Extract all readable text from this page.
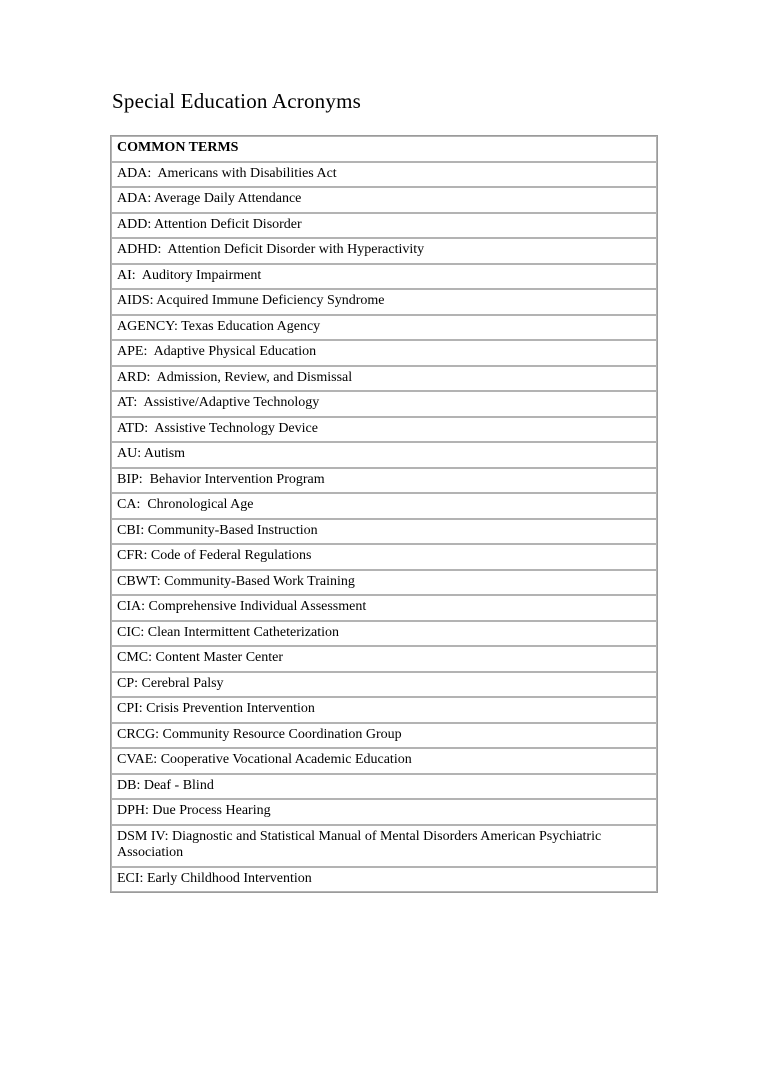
Special Education Acronyms
COMMON TERMS
ADA:  Americans with Disabilities Act
ADA: Average Daily Attendance
ADD: Attention Deficit Disorder
ADHD:  Attention Deficit Disorder with Hyperactivity
AI:  Auditory Impairment
AIDS: Acquired Immune Deficiency Syndrome
AGENCY: Texas Education Agency
APE:  Adaptive Physical Education
ARD:  Admission, Review, and Dismissal
AT:  Assistive/Adaptive Technology
ATD:  Assistive Technology Device
AU: Autism
BIP:  Behavior Intervention Program
CA:  Chronological Age
CBI: Community-Based Instruction
CFR: Code of Federal Regulations
CBWT: Community-Based Work Training
CIA: Comprehensive Individual Assessment
CIC: Clean Intermittent Catheterization
CMC: Content Master Center
CP: Cerebral Palsy
CPI: Crisis Prevention Intervention
CRCG: Community Resource Coordination Group
CVAE: Cooperative Vocational Academic Education
DB: Deaf - Blind
DPH: Due Process Hearing
DSM IV: Diagnostic and Statistical Manual of Mental Disorders American Psychiatric Association
ECI: Early Childhood Intervention
